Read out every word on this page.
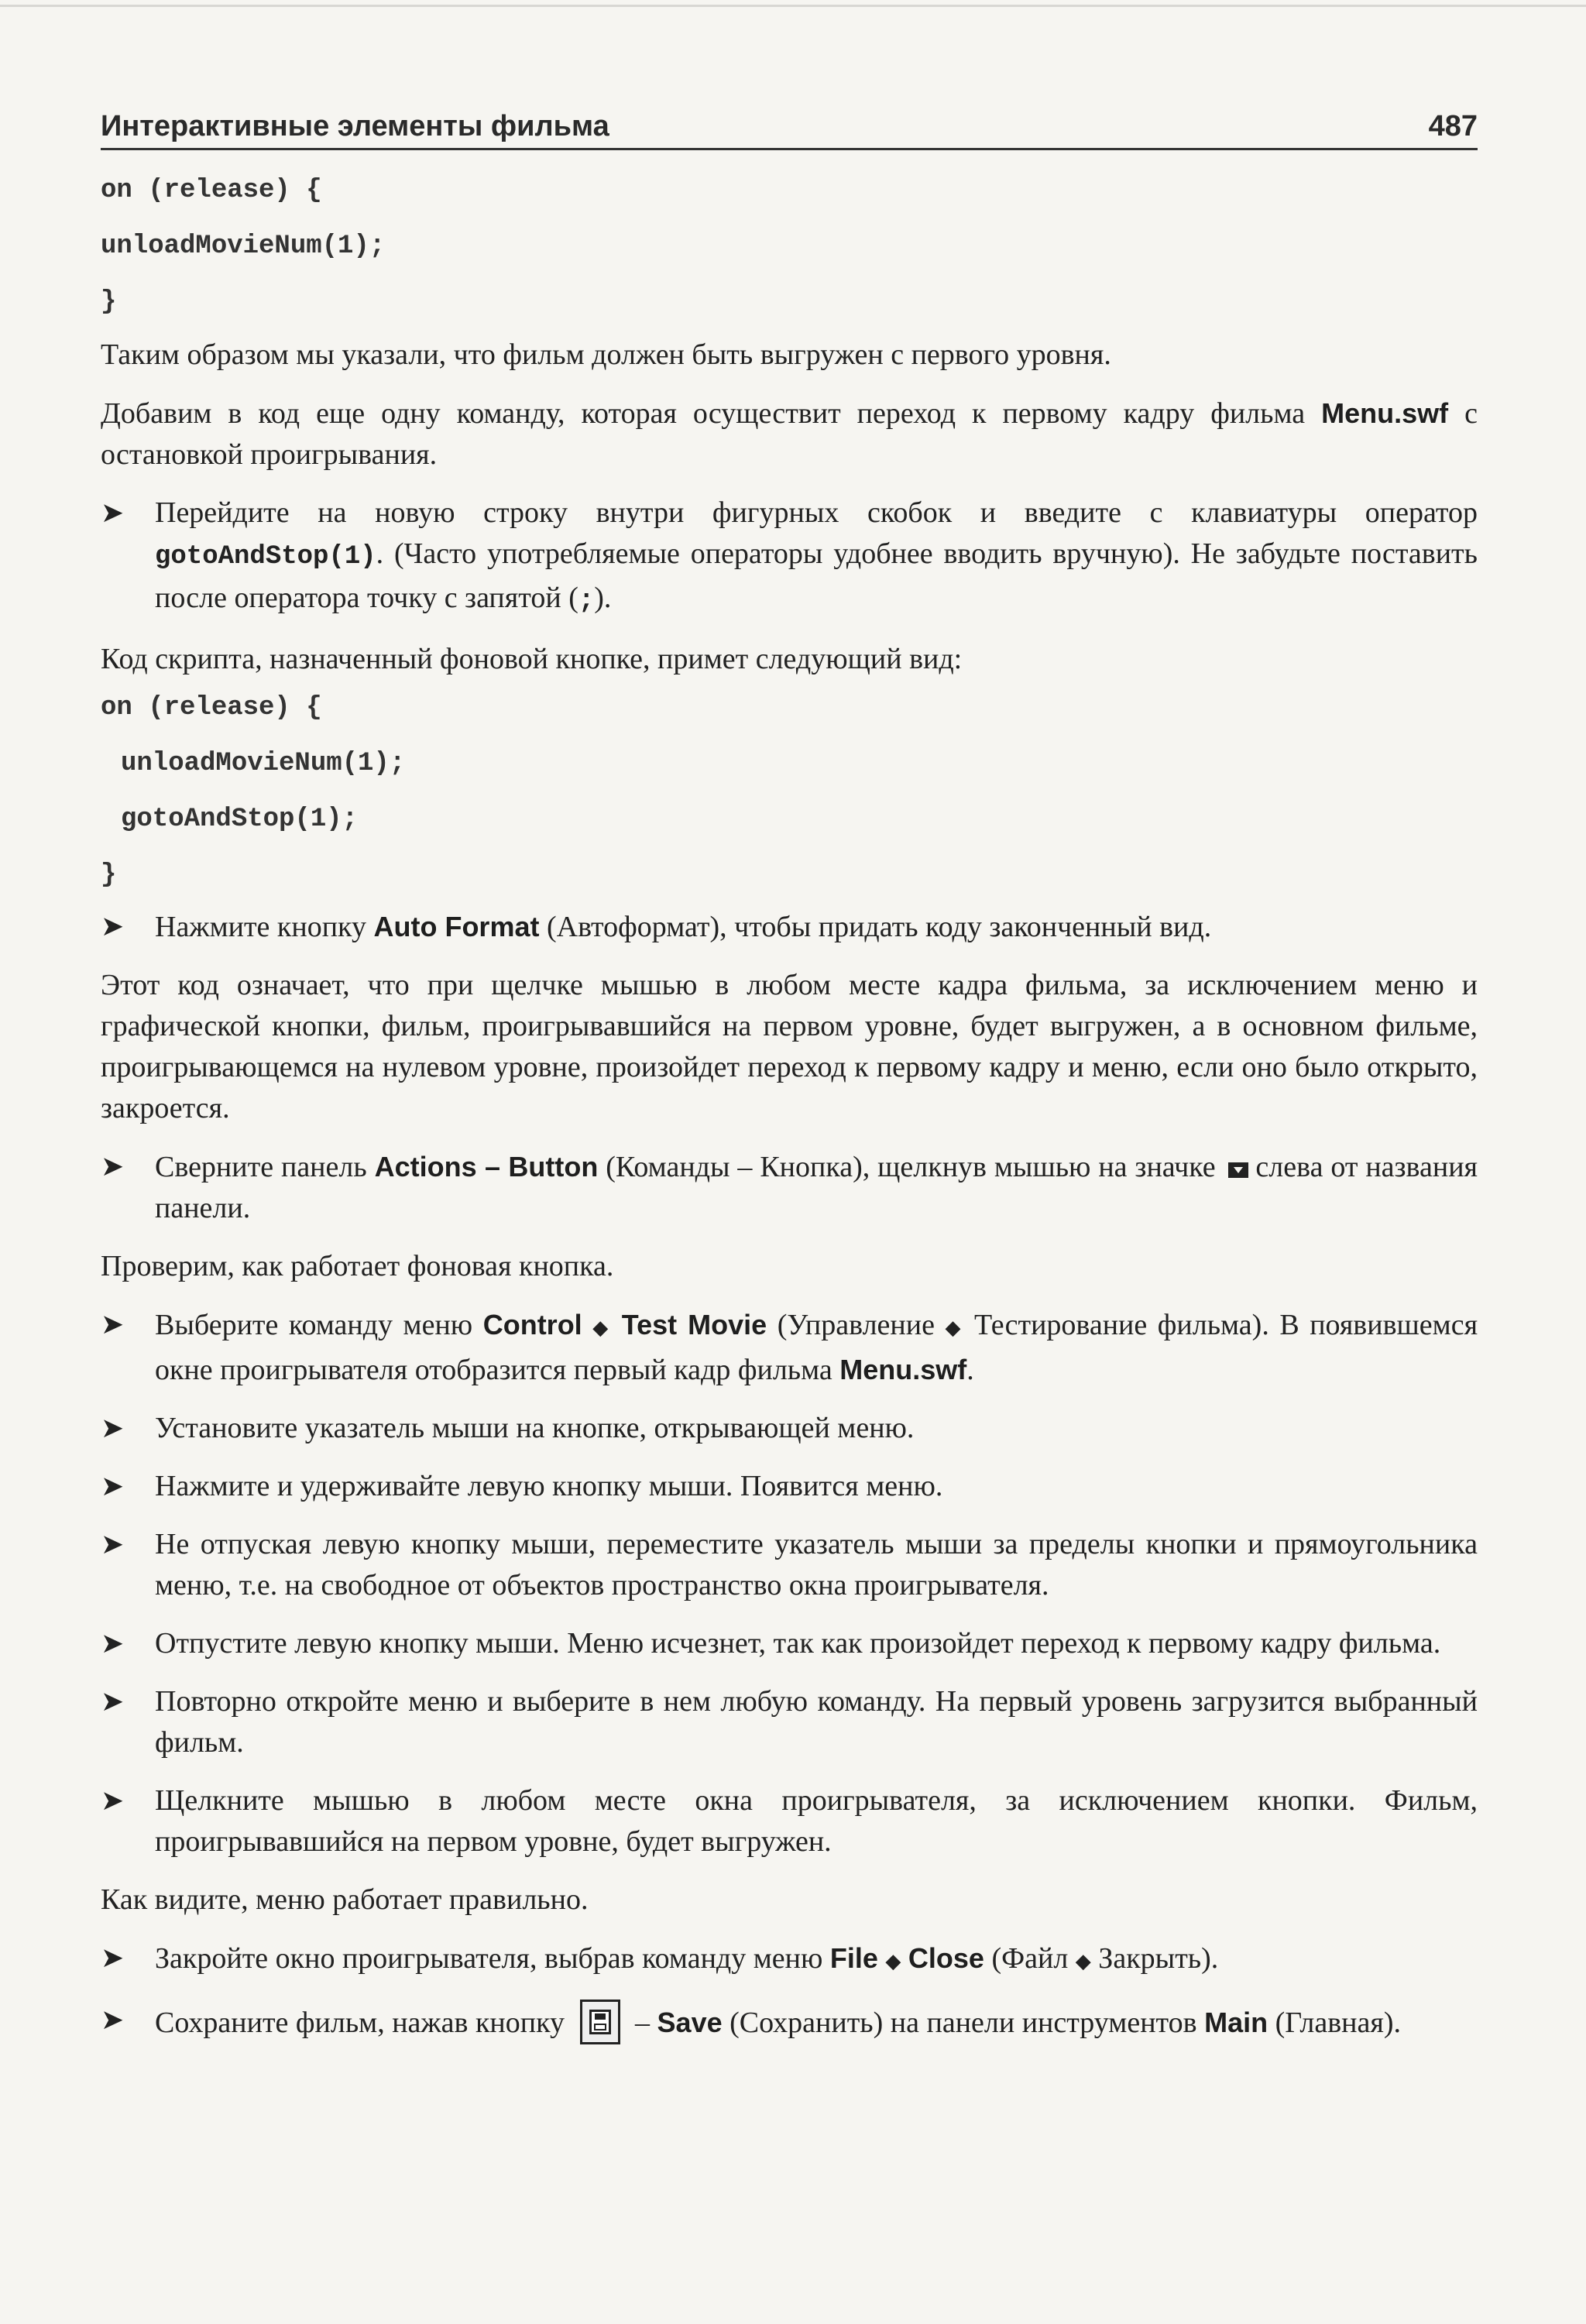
Интерактивные элементы фильма	487
on (release) {
unloadMovieNum(1);
}

Таким образом мы указали, что фильм должен быть выгружен с первого уровня.

Добавим в код еще одну команду, которая осуществит переход к первому кадру фильма Menu.swf с остановкой проигрывания.

➤	Перейдите на новую строку внутри фигурных скобок и введите с клавиатуры оператор gotoAndStop(1). (Часто употребляемые операторы удобнее вводить вручную). Не забудьте поставить после оператора точку с запятой (;).

Код скрипта, назначенный фоновой кнопке, примет следующий вид:

on (release) {
unloadMovieNum(1);
gotoAndStop(1);
}
➤	Нажмите кнопку Auto Format (Автоформат), чтобы придать коду законченный вид.

Этот код означает, что при щелчке мышью в любом месте кадра фильма, за исключением меню и графической кнопки, фильм, проигрывавшийся на первом уровне, будет выгружен, а в основном фильме, проигрывающемся на нулевом уровне, произойдет переход к первому кадру и меню, если оно было открыто, закроется.

➤	Сверните панель Actions – Button (Команды – Кнопка), щелкнув мышью на значке  слева от названия панели.

Проверим, как работает фоновая кнопка.

➤	Выберите команду меню Control ◆ Test Movie (Управление ◆ Тестирование фильма). В появившемся окне проигрывателя отобразится первый кадр фильма Menu.swf.
➤	Установите указатель мыши на кнопке, открывающей меню.
➤	Нажмите и удерживайте левую кнопку мыши. Появится меню.
➤	Не отпуская левую кнопку мыши, переместите указатель мыши за пределы кнопки и прямоугольника меню, т.е. на свободное от объектов пространство окна проигрывателя.
➤	Отпустите левую кнопку мыши. Меню исчезнет, так как произойдет переход к первому кадру фильма.
➤	Повторно откройте меню и выберите в нем любую команду. На первый уровень загрузится выбранный фильм.
➤	Щелкните мышью в любом месте окна проигрывателя, за исключением кнопки. Фильм, проигрывавшийся на первом уровне, будет выгружен.

Как видите, меню работает правильно.

➤	Закройте окно проигрывателя, выбрав команду меню File ◆ Close (Файл ◆ Закрыть).
➤	Сохраните фильм, нажав кнопку
– Save (Сохранить) на панели инструментов Main (Главная).
